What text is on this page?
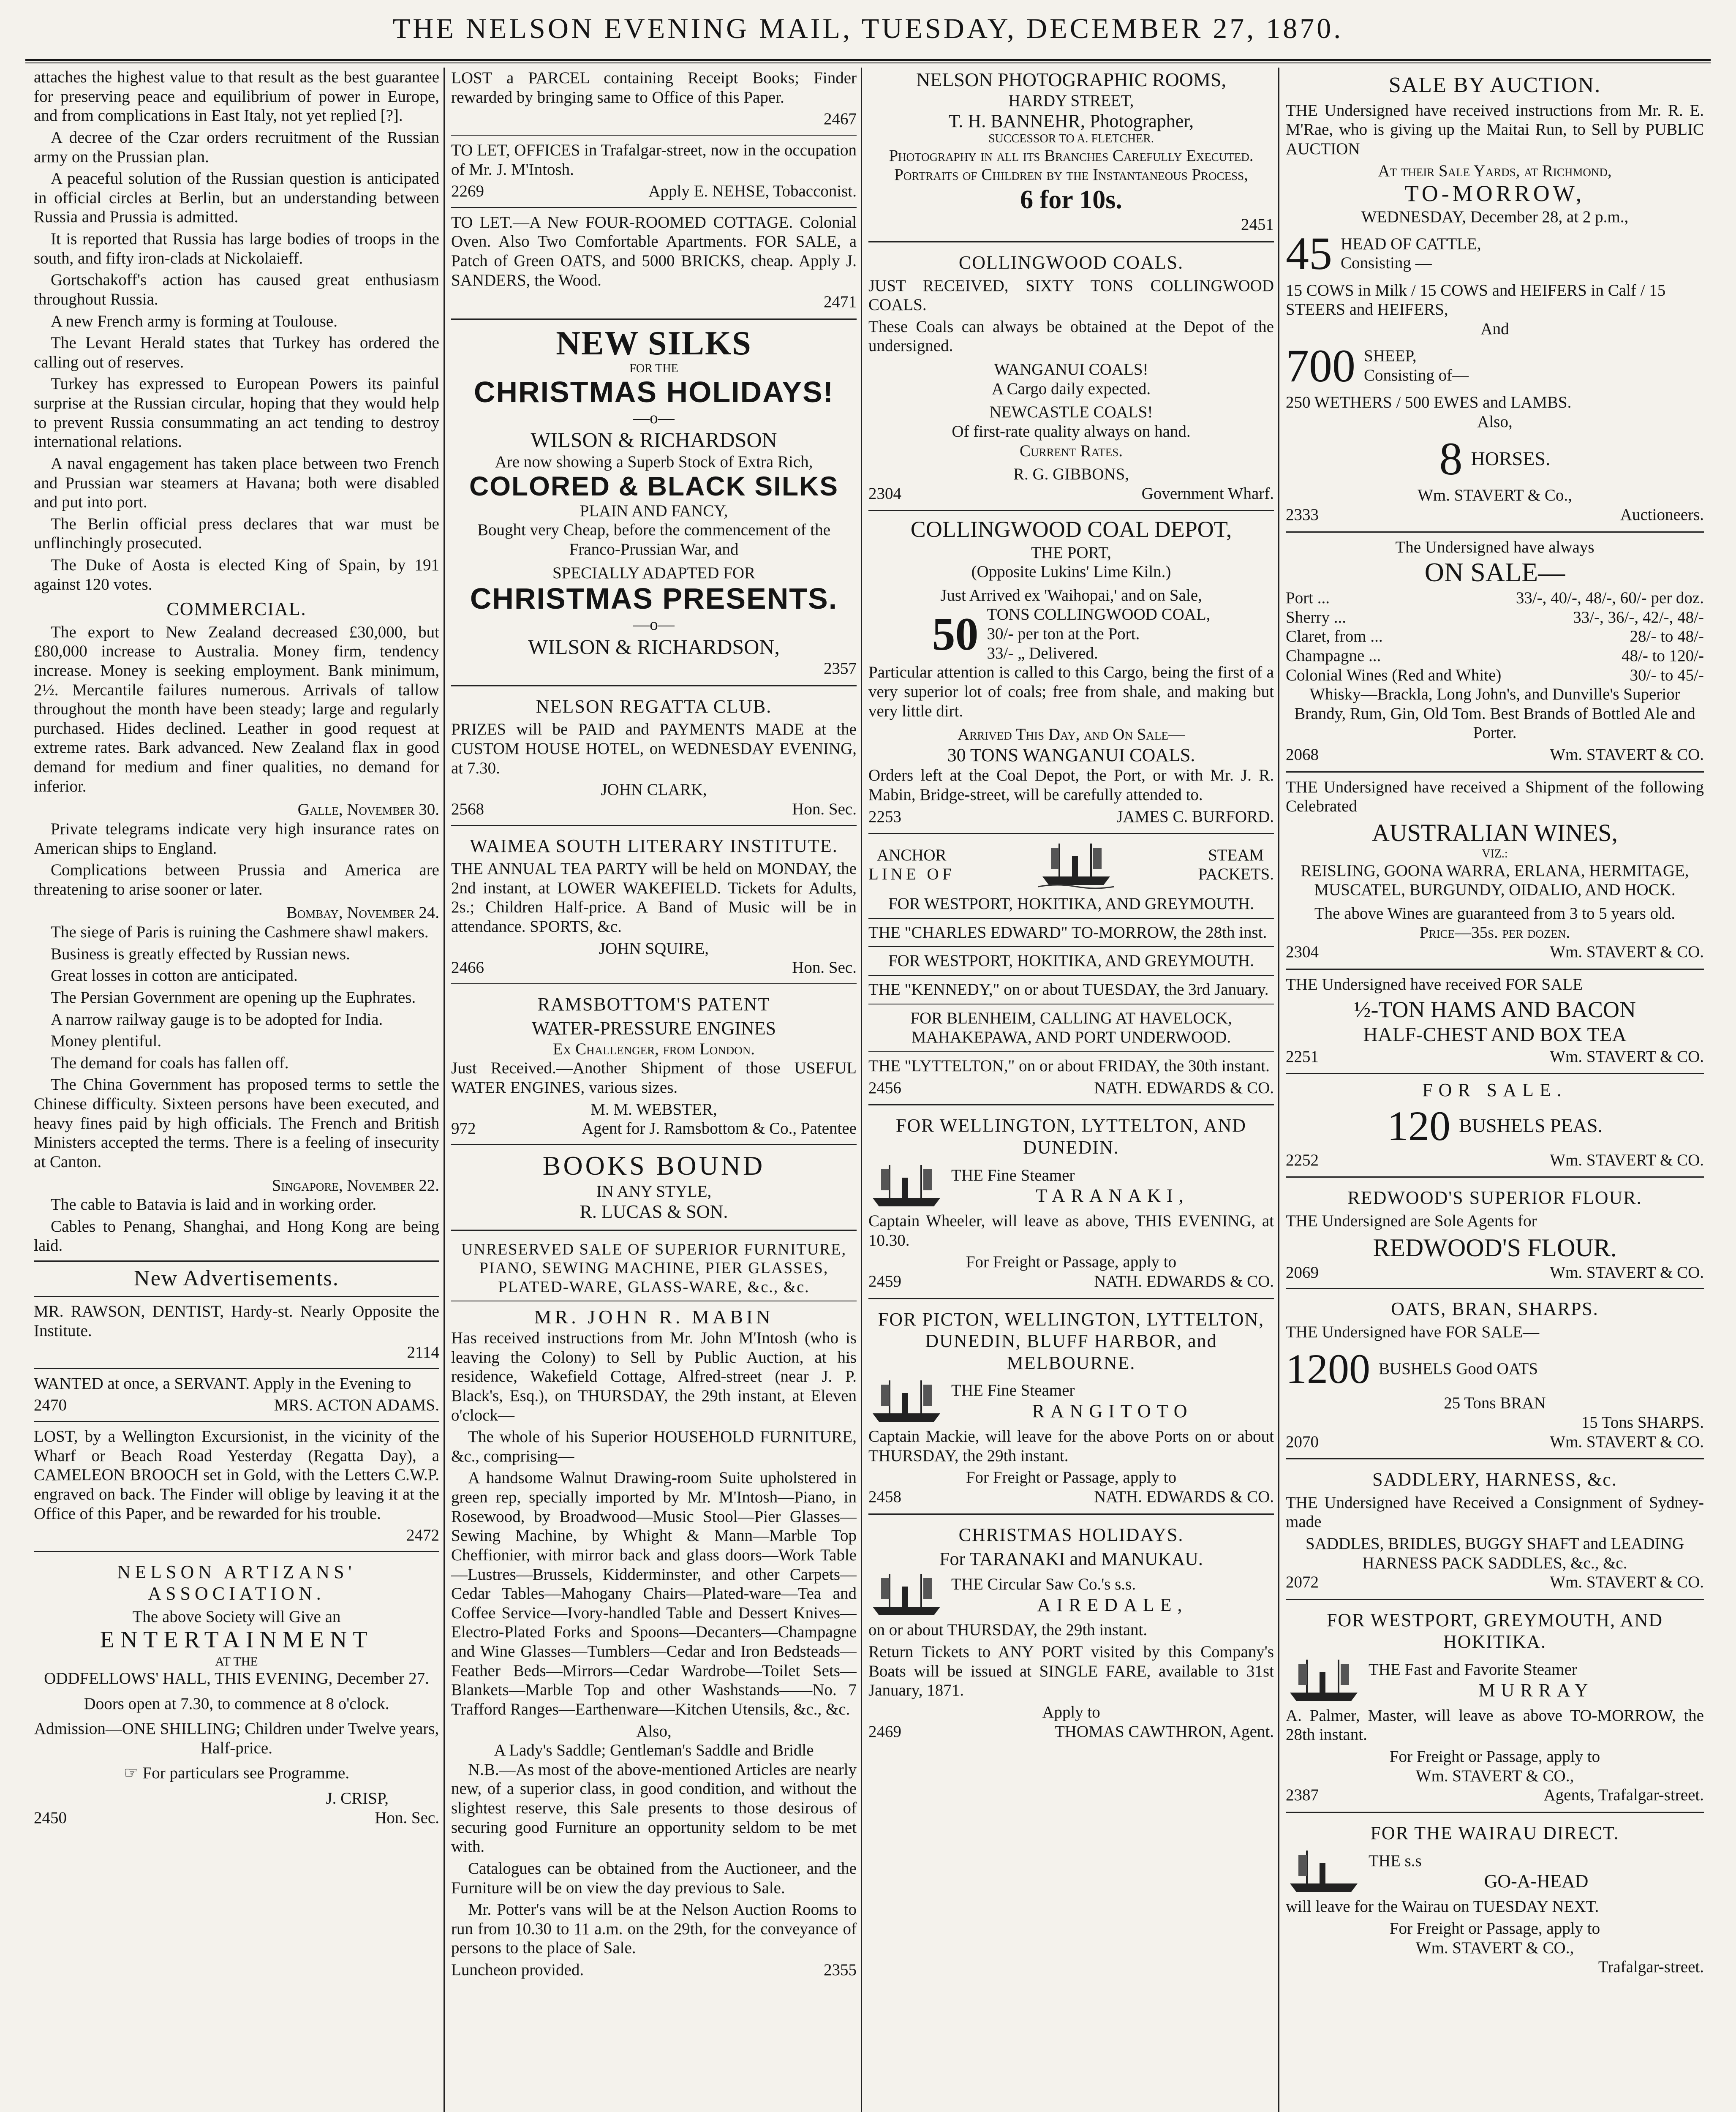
THE NELSON EVENING MAIL, TUESDAY, DECEMBER 27, 1870.

attaches the highest value to that result as the best guarantee for preserving peace and equilibrium of power in Europe, and from complications in East Italy, not yet replied [?].

A decree of the Czar orders recruitment of the Russian army on the Prussian plan.

A peaceful solution of the Russian question is anticipated in official circles at Berlin, but an understanding between Russia and Prussia is admitted.

It is reported that Russia has large bodies of troops in the south, and fifty iron-clads at Nickolaieff.

Gortschakoff's action has caused great enthusiasm throughout Russia.

A new French army is forming at Toulouse.

The Levant Herald states that Turkey has ordered the calling out of reserves.

Turkey has expressed to European Powers its painful surprise at the Russian circular, hoping that they would help to prevent Russia consummating an act tending to destroy international relations.

A naval engagement has taken place between two French and Prussian war steamers at Havana; both were disabled and put into port.

The Berlin official press declares that war must be unflinchingly prosecuted.

The Duke of Aosta is elected King of Spain, by 191 against 120 votes.

COMMERCIAL.

The export to New Zealand decreased £30,000, but £80,000 increase to Australia. Money firm, tendency increase. Money is seeking employment. Bank minimum, 2½. Mercantile failures numerous. Arrivals of tallow throughout the month have been steady; large and regularly purchased. Hides declined. Leather in good request at extreme rates. Bark advanced. New Zealand flax in good demand for medium and finer qualities, no demand for inferior.

Galle, November 30.

Private telegrams indicate very high insurance rates on American ships to England.

Complications between Prussia and America are threatening to arise sooner or later.

Bombay, November 24.

The siege of Paris is ruining the Cashmere shawl makers.

Business is greatly effected by Russian news.

Great losses in cotton are anticipated.

The Persian Government are opening up the Euphrates.

A narrow railway gauge is to be adopted for India.

Money plentiful.

The demand for coals has fallen off.

The China Government has proposed terms to settle the Chinese difficulty. Sixteen persons have been executed, and heavy fines paid by high officials. The French and British Ministers accepted the terms. There is a feeling of insecurity at Canton.

Singapore, November 22.

The cable to Batavia is laid and in working order.

Cables to Penang, Shanghai, and Hong Kong are being laid.

New Advertisements.

MR. RAWSON, DENTIST, Hardy-st. Nearly Opposite the Institute.

2114

WANTED at once, a SERVANT. Apply in the Evening to

2470	MRS. ACTON ADAMS.

LOST, by a Wellington Excursionist, in the vicinity of the Wharf or Beach Road Yesterday (Regatta Day), a CAMELEON BROOCH set in Gold, with the Letters C.W.P. engraved on back. The Finder will oblige by leaving it at the Office of this Paper, and be rewarded for his trouble.

2472
NELSON ARTIZANS' ASSOCIATION.
The above Society will Give an
ENTERTAINMENT
AT THE
ODDFELLOWS' HALL, THIS EVENING, December 27.
Doors open at 7.30, to commence at 8 o'clock.
Admission—ONE SHILLING; Children under Twelve years, Half-price.
☞ For particulars see Programme.
J. CRISP,
2450	Hon. Sec.

LOST a PARCEL containing Receipt Books; Finder rewarded by bringing same to Office of this Paper.

2467

TO LET, OFFICES in Trafalgar-street, now in the occupation of Mr. J. M'Intosh.

2269	Apply E. NEHSE, Tobacconist.

TO LET.—A New FOUR-ROOMED COTTAGE. Colonial Oven. Also Two Comfortable Apartments. FOR SALE, a Patch of Green OATS, and 5000 BRICKS, cheap. Apply J. SANDERS, the Wood.

2471
NEW SILKS
FOR THE
CHRISTMAS HOLIDAYS!
—o—
WILSON & RICHARDSON
Are now showing a Superb Stock of Extra Rich,
COLORED & BLACK SILKS
PLAIN AND FANCY,
Bought very Cheap, before the commencement of the Franco-Prussian War, and
SPECIALLY ADAPTED FOR
CHRISTMAS PRESENTS.
—o—
WILSON & RICHARDSON,
2357
NELSON REGATTA CLUB.

PRIZES will be PAID and PAYMENTS MADE at the CUSTOM HOUSE HOTEL, on WEDNESDAY EVENING, at 7.30.

JOHN CLARK,
2568	Hon. Sec.
WAIMEA SOUTH LITERARY INSTITUTE.

THE ANNUAL TEA PARTY will be held on MONDAY, the 2nd instant, at LOWER WAKEFIELD. Tickets for Adults, 2s.; Children Half-price. A Band of Music will be in attendance. SPORTS, &c.

JOHN SQUIRE,
2466	Hon. Sec.
RAMSBOTTOM'S PATENT
WATER-PRESSURE ENGINES
Ex Challenger, from London.

Just Received.—Another Shipment of those USEFUL WATER ENGINES, various sizes.

M. M. WEBSTER,
972	Agent for J. Ramsbottom & Co., Patentee
BOOKS BOUND
IN ANY STYLE,
R. LUCAS & SON.
UNRESERVED SALE OF SUPERIOR FURNITURE, PIANO, SEWING MACHINE, PIER GLASSES, PLATED-WARE, GLASS-WARE, &c., &c.
MR. JOHN R. MABIN

Has received instructions from Mr. John M'Intosh (who is leaving the Colony) to Sell by Public Auction, at his residence, Wakefield Cottage, Alfred-street (near J. P. Black's, Esq.), on THURSDAY, the 29th instant, at Eleven o'clock—

The whole of his Superior HOUSEHOLD FURNITURE, &c., comprising—

A handsome Walnut Drawing-room Suite upholstered in green rep, specially imported by Mr. M'Intosh—Piano, in Rosewood, by Broadwood—Music Stool—Pier Glasses—Sewing Machine, by Whight & Mann—Marble Top Cheffionier, with mirror back and glass doors—Work Table—Lustres—Brussels, Kidderminster, and other Carpets—Cedar Tables—Mahogany Chairs—Plated-ware—Tea and Coffee Service—Ivory-handled Table and Dessert Knives—Electro-Plated Forks and Spoons—Decanters—Champagne and Wine Glasses—Tumblers—Cedar and Iron Bedsteads—Feather Beds—Mirrors—Cedar Wardrobe—Toilet Sets—Blankets—Marble Top and other Washstands——No. 7 Trafford Ranges—Earthenware—Kitchen Utensils, &c., &c.

Also,
A Lady's Saddle; Gentleman's Saddle and Bridle

N.B.—As most of the above-mentioned Articles are nearly new, of a superior class, in good condition, and without the slightest reserve, this Sale presents to those desirous of securing good Furniture an opportunity seldom to be met with.

Catalogues can be obtained from the Auctioneer, and the Furniture will be on view the day previous to Sale.

Mr. Potter's vans will be at the Nelson Auction Rooms to run from 10.30 to 11 a.m. on the 29th, for the conveyance of persons to the place of Sale.

Luncheon provided.	2355
NELSON PHOTOGRAPHIC ROOMS,
HARDY STREET,
T. H. BANNEHR, Photographer,
SUCCESSOR TO A. FLETCHER.
Photography in all its Branches Carefully Executed.
Portraits of Children by the Instantaneous Process,
6 for 10s.
2451
COLLINGWOOD COALS.

JUST RECEIVED, SIXTY TONS COLLINGWOOD COALS.

These Coals can always be obtained at the Depot of the undersigned.

WANGANUI COALS!
A Cargo daily expected.
NEWCASTLE COALS!
Of first-rate quality always on hand.
Current Rates.
R. G. GIBBONS,
2304	Government Wharf.
COLLINGWOOD COAL DEPOT,
THE PORT,
(Opposite Lukins' Lime Kiln.)
Just Arrived ex 'Waihopai,' and on Sale,
50 TONS COLLINGWOOD COAL,
30/- per ton at the Port.
33/- „ Delivered.

Particular attention is called to this Cargo, being the first of a very superior lot of coals; free from shale, and making but very little dirt.

Arrived This Day, and On Sale—
30 TONS WANGANUI COALS.

Orders left at the Coal Depot, the Port, or with Mr. J. R. Mabin, Bridge-street, will be carefully attended to.

2253	JAMES C. BURFORD.
ANCHOR
LINE OF
STEAM
PACKETS.
FOR WESTPORT, HOKITIKA, AND GREYMOUTH.

THE "CHARLES EDWARD" TO-MORROW, the 28th inst.

FOR WESTPORT, HOKITIKA, AND GREYMOUTH.

THE "KENNEDY," on or about TUESDAY, the 3rd January.

FOR BLENHEIM, CALLING AT HAVELOCK, MAHAKEPAWA, AND PORT UNDERWOOD.

THE "LYTTELTON," on or about FRIDAY, the 30th instant.

2456	NATH. EDWARDS & CO.
FOR WELLINGTON, LYTTELTON, AND DUNEDIN.
THE Fine Steamer
TARANAKI,

Captain Wheeler, will leave as above, THIS EVENING, at 10.30.

For Freight or Passage, apply to
2459	NATH. EDWARDS & CO.
FOR PICTON, WELLINGTON, LYTTELTON, DUNEDIN, BLUFF HARBOR, and MELBOURNE.
THE Fine Steamer
RANGITOTO

Captain Mackie, will leave for the above Ports on or about THURSDAY, the 29th instant.

For Freight or Passage, apply to
2458	NATH. EDWARDS & CO.
CHRISTMAS HOLIDAYS.
For TARANAKI and MANUKAU.
THE Circular Saw Co.'s s.s.
AIREDALE,

on or about THURSDAY, the 29th instant.

Return Tickets to ANY PORT visited by this Company's Boats will be issued at SINGLE FARE, available to 31st January, 1871.

Apply to
2469	THOMAS CAWTHRON, Agent.
SALE BY AUCTION.

THE Undersigned have received instructions from Mr. R. E. M'Rae, who is giving up the Maitai Run, to Sell by PUBLIC AUCTION

At their Sale Yards, at Richmond,
TO-MORROW,
WEDNESDAY, December 28, at 2 p.m.,
45 HEAD OF CATTLE,
Consisting —
15 COWS in Milk / 15 COWS and HEIFERS in Calf / 15 STEERS and HEIFERS,
And
700 SHEEP,
Consisting of—
250 WETHERS / 500 EWES and LAMBS.
Also,
8 HORSES.
Wm. STAVERT & Co.,
2333	Auctioneers.
The Undersigned have always
ON SALE—
Port ...	33/-, 40/-, 48/-, 60/- per doz.
Sherry ...	33/-, 36/-, 42/-, 48/-
Claret, from ...	28/- to 48/-
Champagne ...	48/- to 120/-
Colonial Wines (Red and White)	30/- to 45/-

Whisky—Brackla, Long John's, and Dunville's Superior Brandy, Rum, Gin, Old Tom. Best Brands of Bottled Ale and Porter.

2068	Wm. STAVERT & CO.

THE Undersigned have received a Shipment of the following Celebrated

AUSTRALIAN WINES,
VIZ.:
REISLING, GOONA WARRA, ERLANA, HERMITAGE, MUSCATEL, BURGUNDY, OIDALIO, AND HOCK.
The above Wines are guaranteed from 3 to 5 years old.
Price—35s. per dozen.
2304	Wm. STAVERT & CO.

THE Undersigned have received FOR SALE

½-TON HAMS AND BACON
HALF-CHEST AND BOX TEA
2251	Wm. STAVERT & CO.
FOR SALE.
120 BUSHELS PEAS.
2252	Wm. STAVERT & CO.
REDWOOD'S SUPERIOR FLOUR.

THE Undersigned are Sole Agents for

REDWOOD'S FLOUR.
2069	Wm. STAVERT & CO.
OATS, BRAN, SHARPS.

THE Undersigned have FOR SALE—

1200 BUSHELS Good OATS
25 Tons BRAN
15 Tons SHARPS.
2070	Wm. STAVERT & CO.
SADDLERY, HARNESS, &c.

THE Undersigned have Received a Consignment of Sydney-made

SADDLES, BRIDLES, BUGGY SHAFT and LEADING HARNESS PACK SADDLES, &c., &c.
2072	Wm. STAVERT & CO.
FOR WESTPORT, GREYMOUTH, AND HOKITIKA.
THE Fast and Favorite Steamer
MURRAY

A. Palmer, Master, will leave as above TO-MORROW, the 28th instant.

For Freight or Passage, apply to
Wm. STAVERT & CO.,
2387	Agents, Trafalgar-street.
FOR THE WAIRAU DIRECT.
THE s.s
GO-A-HEAD

will leave for the Wairau on TUESDAY NEXT.

For Freight or Passage, apply to
Wm. STAVERT & CO.,
Trafalgar-street.
